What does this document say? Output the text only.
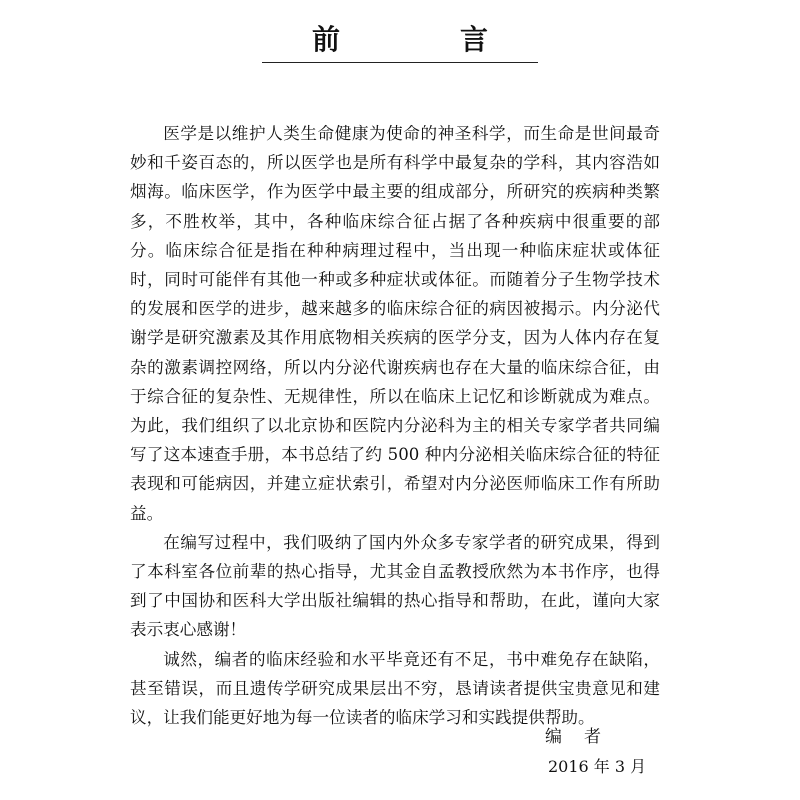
前　言

医学是以维护人类生命健康为使命的神圣科学，而生命是世间最奇妙和千姿百态的，所以医学也是所有科学中最复杂的学科，其内容浩如烟海。临床医学，作为医学中最主要的组成部分，所研究的疾病种类繁多，不胜枚举，其中，各种临床综合征占据了各种疾病中很重要的部分。临床综合征是指在种种病理过程中，当出现一种临床症状或体征时，同时可能伴有其他一种或多种症状或体征。而随着分子生物学技术的发展和医学的进步，越来越多的临床综合征的病因被揭示。内分泌代谢学是研究激素及其作用底物相关疾病的医学分支，因为人体内存在复杂的激素调控网络，所以内分泌代谢疾病也存在大量的临床综合征，由于综合征的复杂性、无规律性，所以在临床上记忆和诊断就成为难点。为此，我们组织了以北京协和医院内分泌科为主的相关专家学者共同编写了这本速查手册，本书总结了约 500 种内分泌相关临床综合征的特征表现和可能病因，并建立症状索引，希望对内分泌医师临床工作有所助益。

在编写过程中，我们吸纳了国内外众多专家学者的研究成果，得到了本科室各位前辈的热心指导，尤其金自孟教授欣然为本书作序，也得到了中国协和医科大学出版社编辑的热心指导和帮助，在此，谨向大家表示衷心感谢！

诚然，编者的临床经验和水平毕竟还有不足，书中难免存在缺陷，甚至错误，而且遗传学研究成果层出不穷，恳请读者提供宝贵意见和建议，让我们能更好地为每一位读者的临床学习和实践提供帮助。

编者
2016 年 3 月
